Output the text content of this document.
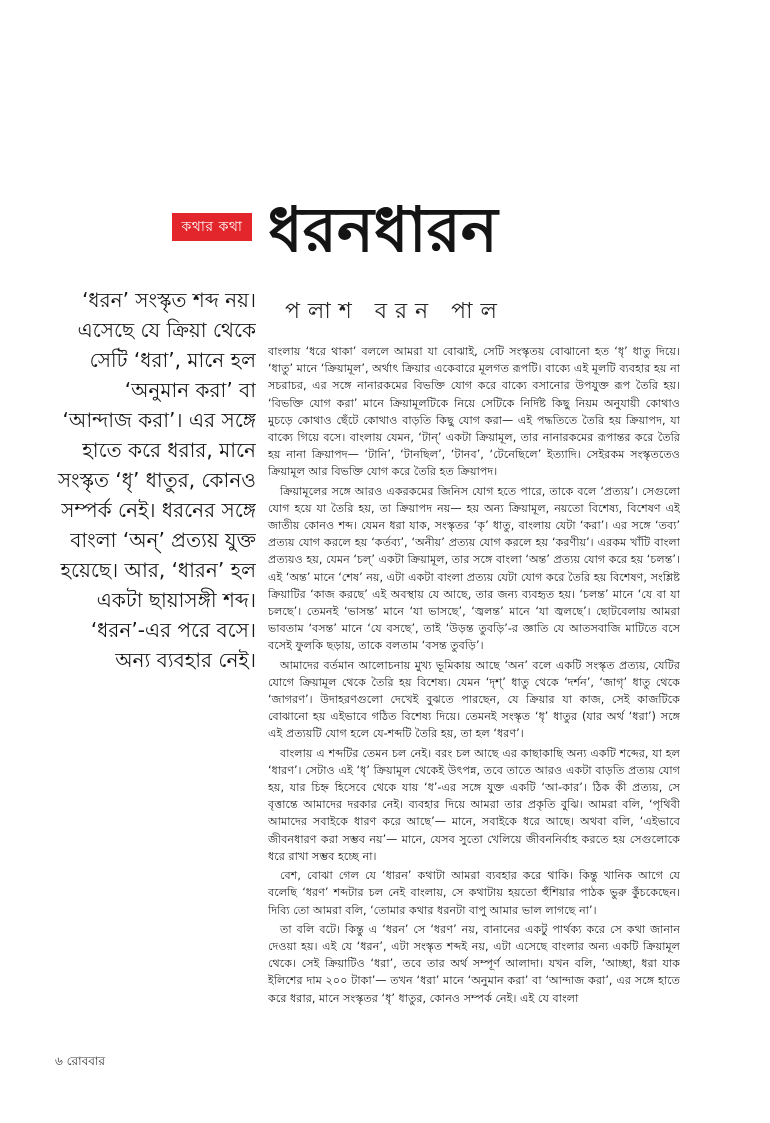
কথার কথা ধরনধারন
‘ধরন’ সংস্কৃত শব্দ নয়। এসেছে যে ক্রিয়া থেকে সেটি ‘ধরা’, মানে হল ‘অনুমান করা’ বা ‘আন্দাজ করা’। এর সঙ্গে হাতে করে ধরার, মানে সংস্কৃত ‘ধৃ’ ধাতুর, কোনও সম্পর্ক নেই। ধরনের সঙ্গে বাংলা ‘অন্’ প্রত্যয় যুক্ত হয়েছে। আর, ‘ধারন’ হল একটা ছায়াসঙ্গী শব্দ। ‘ধরন’-এর পরে বসে। অন্য ব্যবহার নেই।
পলাশ বরন পাল

বাংলায় ‘ধরে থাকা’ বললে আমরা যা বোঝাই, সেটি সংস্কৃতয় বোঝানো হত ‘ধৃ’ ধাতু দিয়ে। ‘ধাতু’ মানে ‘ক্রিয়ামূল’, অর্থাৎ ক্রিয়ার একেবারে মূলগত রূপটি। বাক্যে এই মূলটি ব্যবহার হয় না সচরাচর, এর সঙ্গে নানারকমের বিভক্তি যোগ করে বাক্যে বসানোর উপযুক্ত রূপ তৈরি হয়। ‘বিভক্তি যোগ করা’ মানে ক্রিয়ামূলটিকে নিয়ে সেটিকে নির্দিষ্ট কিছু নিয়ম অনুযায়ী কোথাও মুচড়ে কোথাও ছেঁটে কোথাও বাড়তি কিছু যোগ করা— এই পদ্ধতিতে তৈরি হয় ক্রিয়াপদ, যা বাক্যে গিয়ে বসে। বাংলায় যেমন, ‘টান্’ একটা ক্রিয়ামূল, তার নানারকমের রূপান্তর করে তৈরি হয় নানা ক্রিয়াপদ— ‘টানি’, ‘টানছিল’, ‘টানব’, ‘টেনেছিলে’ ইত্যাদি। সেইরকম সংস্কৃততেও ক্রিয়ামূল আর বিভক্তি যোগ করে তৈরি হত ক্রিয়াপদ।

ক্রিয়ামূলের সঙ্গে আরও একরকমের জিনিস যোগ হতে পারে, তাকে বলে ‘প্রত্যয়’। সেগুলো যোগ হয়ে যা তৈরি হয়, তা ক্রিয়াপদ নয়— হয় অন্য ক্রিয়ামূল, নয়তো বিশেষ্য, বিশেষণ এই জাতীয় কোনও শব্দ। যেমন ধরা যাক, সংস্কৃতর ‘কৃ’ ধাতু, বাংলায় যেটা ‘করা’। এর সঙ্গে ‘তব্য’ প্রত্যয় যোগ করলে হয় ‘কর্তব্য’, ‘অনীয়’ প্রত্যয় যোগ করলে হয় ‘করণীয়’। এরকম খাঁটি বাংলা প্রত্যয়ও হয়, যেমন ‘চল্’ একটা ক্রিয়ামূল, তার সঙ্গে বাংলা ‘অন্ত’ প্রত্যয় যোগ করে হয় ‘চলন্ত’। এই ‘অন্ত’ মানে ‘শেষ’ নয়, এটা একটা বাংলা প্রত্যয় যেটা যোগ করে তৈরি হয় বিশেষণ, সংশ্লিষ্ট ক্রিয়াটির ‘কাজ করছে’ এই অবস্থায় যে আছে, তার জন্য ব্যবহৃত হয়। ‘চলন্ত’ মানে ‘যে বা যা চলছে’। তেমনই ‘ভাসন্ত’ মানে ‘যা ভাসছে’, ‘জ্বলন্ত’ মানে ‘যা জ্বলছে’। ছোটবেলায় আমরা ভাবতাম ‘বসন্ত’ মানে ‘যে বসছে’, তাই ‘উড়ন্ত তুবড়ি’-র জ্ঞাতি যে আতসবাজি মাটিতে বসে বসেই ফুলকি ছড়ায়, তাকে বলতাম ‘বসন্ত তুবড়ি’।

আমাদের বর্তমান আলোচনায় মুখ্য ভূমিকায় আছে ‘অন’ বলে একটি সংস্কৃত প্রত্যয়, যেটির যোগে ক্রিয়ামূল থেকে তৈরি হয় বিশেষ্য। যেমন ‘দৃশ্’ ধাতু থেকে ‘দর্শন’, ‘জাগৃ’ ধাতু থেকে ‘জাগরণ’। উদাহরণগুলো দেখেই বুঝতে পারছেন, যে ক্রিয়ার যা কাজ, সেই কাজটিকে বোঝানো হয় এইভাবে গঠিত বিশেষ্য দিয়ে। তেমনই সংস্কৃত ‘ধৃ’ ধাতুর (যার অর্থ ‘ধরা’) সঙ্গে এই প্রত্যয়টি যোগ হলে যে-শব্দটি তৈরি হয়, তা হল ‘ধরণ’।

বাংলায় এ শব্দটির তেমন চল নেই। বরং চল আছে এর কাছাকাছি অন্য একটি শব্দের, যা হল ‘ধারণ’। সেটাও এই ‘ধৃ’ ক্রিয়ামূল থেকেই উৎপন্ন, তবে তাতে আরও একটা বাড়তি প্রত্যয় যোগ হয়, যার চিহ্ন হিসেবে থেকে যায় ‘ধ’-এর সঙ্গে যুক্ত একটি ‘আ-কার’। ঠিক কী প্রত্যয়, সে বৃত্তান্তে আমাদের দরকার নেই। ব্যবহার দিয়ে আমরা তার প্রকৃতি বুঝি। আমরা বলি, ‘পৃথিবী আমাদের সবাইকে ধারণ করে আছে’— মানে, সবাইকে ধরে আছে। অথবা বলি, ‘এইভাবে জীবনধারণ করা সম্ভব নয়’— মানে, যেসব সুতো খেলিয়ে জীবননির্বাহ করতে হয় সেগুলোকে ধরে রাখা সম্ভব হচ্ছে না।

বেশ, বোঝা গেল যে ‘ধারন’ কথাটা আমরা ব্যবহার করে থাকি। কিন্তু খানিক আগে যে বলেছি ‘ধরণ’ শব্দটার চল নেই বাংলায়, সে কথাটায় হয়তো হুঁশিয়ার পাঠক ভুরু কুঁচকেছেন। দিব্যি তো আমরা বলি, ‘তোমার কথার ধরনটা বাপু আমার ভাল লাগছে না’।

তা বলি বটে। কিন্তু এ ‘ধরন’ সে ‘ধরণ’ নয়, বানানের একটু পার্থক্য করে সে কথা জানান দেওয়া হয়। এই যে ‘ধরন’, এটা সংস্কৃত শব্দই নয়, এটা এসেছে বাংলার অন্য একটি ক্রিয়ামূল থেকে। সেই ক্রিয়াটিও ‘ধরা’, তবে তার অর্থ সম্পূর্ণ আলাদা। যখন বলি, ‘আচ্ছা, ধরা যাক ইলিশের দাম ২০০ টাকা’— তখন ‘ধরা’ মানে ‘অনুমান করা’ বা ‘আন্দাজ করা’, এর সঙ্গে হাতে করে ধরার, মানে সংস্কৃতর ‘ধৃ’ ধাতুর, কোনও সম্পর্ক নেই। এই যে বাংলা

৬ রোববার
